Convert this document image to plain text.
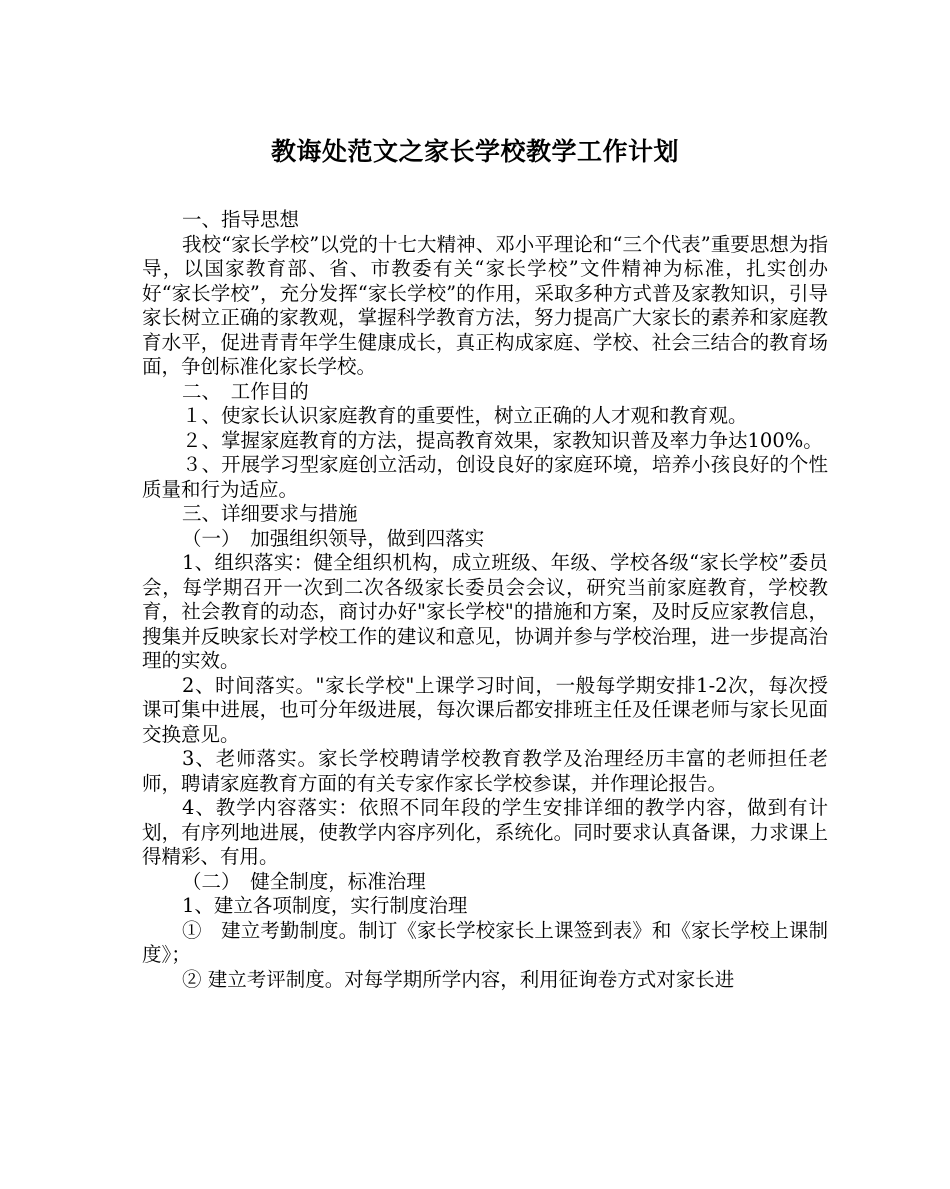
教诲处范文之家长学校教学工作计划

一、指导思想

我校“家长学校”以党的十七大精神、邓小平理论和“三个代表”重要思想为指导，以国家教育部、省、市教委有关“家长学校”文件精神为标准，扎实创办好“家长学校”，充分发挥“家长学校”的作用，采取多种方式普及家教知识，引导家长树立正确的家教观，掌握科学教育方法，努力提高广大家长的素养和家庭教育水平，促进青青年学生健康成长，真正构成家庭、学校、社会三结合的教育场面，争创标准化家长学校。

二、　工作目的

１、使家长认识家庭教育的重要性，树立正确的人才观和教育观。

２、掌握家庭教育的方法，提高教育效果，家教知识普及率力争达100%。

３、开展学习型家庭创立活动，创设良好的家庭环境，培养小孩良好的个性质量和行为适应。

三、详细要求与措施

（一）　加强组织领导，做到四落实

1、组织落实：健全组织机构，成立班级、年级、学校各级“家长学校”委员会，每学期召开一次到二次各级家长委员会会议，研究当前家庭教育，学校教育，社会教育的动态，商讨办好"家长学校"的措施和方案，及时反应家教信息，搜集并反映家长对学校工作的建议和意见，协调并参与学校治理，进一步提高治理的实效。

2、时间落实。"家长学校"上课学习时间，一般每学期安排1-2次，每次授课可集中进展，也可分年级进展，每次课后都安排班主任及任课老师与家长见面交换意见。

3、老师落实。家长学校聘请学校教育教学及治理经历丰富的老师担任老师，聘请家庭教育方面的有关专家作家长学校参谋，并作理论报告。

4、教学内容落实：依照不同年段的学生安排详细的教学内容，做到有计划，有序列地进展，使教学内容序列化，系统化。同时要求认真备课，力求课上得精彩、有用。

（二）　健全制度，标准治理

1、建立各项制度，实行制度治理

①　建立考勤制度。制订《家长学校家长上课签到表》和《家长学校上课制度》；

② 建立考评制度。对每学期所学内容，利用征询卷方式对家长进
